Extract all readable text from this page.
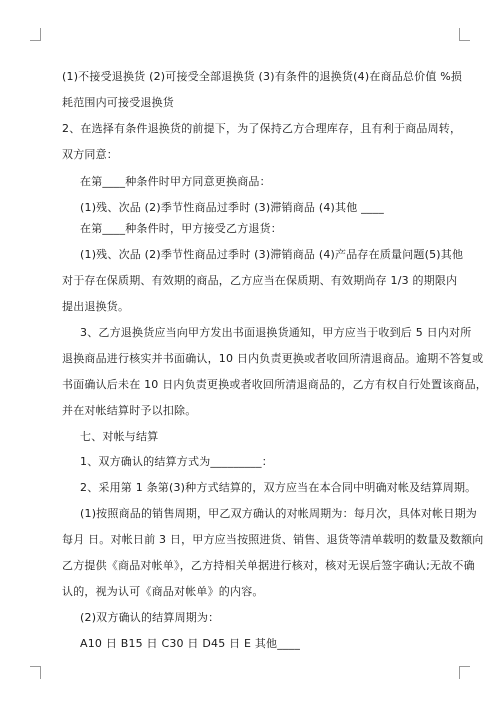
(1)不接受退换货 (2)可接受全部退换货 (3)有条件的退换货(4)在商品总价值 %损
耗范围内可接受退换货
2、在选择有条件退换货的前提下，为了保持乙方合理库存，且有利于商品周转，
双方同意：
在第____种条件时甲方同意更换商品：
(1)残、次品 (2)季节性商品过季时 (3)滞销商品 (4)其他 ____
在第____种条件时，甲方接受乙方退货：
(1)残、次品 (2)季节性商品过季时 (3)滞销商品 (4)产品存在质量问题(5)其他
对于存在保质期、有效期的商品，乙方应当在保质期、有效期尚存 1/3 的期限内
提出退换货。
3、乙方退换货应当向甲方发出书面退换货通知，甲方应当于收到后 5 日内对所
退换商品进行核实并书面确认，10 日内负责更换或者收回所清退商品。逾期不答复或
书面确认后未在 10 日内负责更换或者收回所清退商品的，乙方有权自行处置该商品，
并在对帐结算时予以扣除。
七、对帐与结算
1、双方确认的结算方式为_________：
2、采用第 1 条第(3)种方式结算的，双方应当在本合同中明确对帐及结算周期。
(1)按照商品的销售周期，甲乙双方确认的对帐周期为：每月次，具体对帐日期为
每月 日。对帐日前 3 日，甲方应当按照进货、销售、退货等清单载明的数量及数额向
乙方提供《商品对帐单》，乙方持相关单据进行核对，核对无误后签字确认;无故不确
认的，视为认可《商品对帐单》的内容。
(2)双方确认的结算周期为：
A10 日 B15 日 C30 日 D45 日 E 其他____
